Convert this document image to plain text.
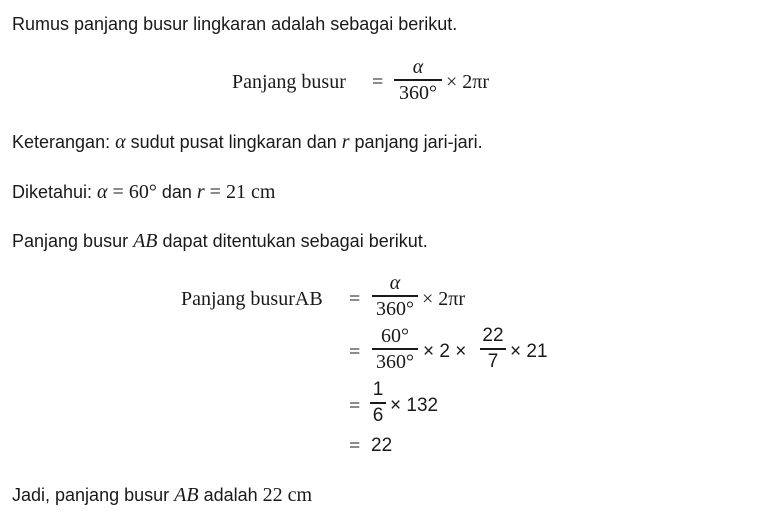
Rumus panjang busur lingkaran adalah sebagai berikut.
Panjang busur =
α
360° × 2πr
Keterangan: α sudut pusat lingkaran dan r panjang jari-jari.
Diketahui: α = 60° dan r = 21 cm
Panjang busur AB dapat ditentukan sebagai berikut.
Panjang busurAB =
α
360° × 2πr
=
60°
360° × 2 ×
22
7 × 21
=
1
6 × 132
= 22
Jadi, panjang busur AB adalah 22 cm
